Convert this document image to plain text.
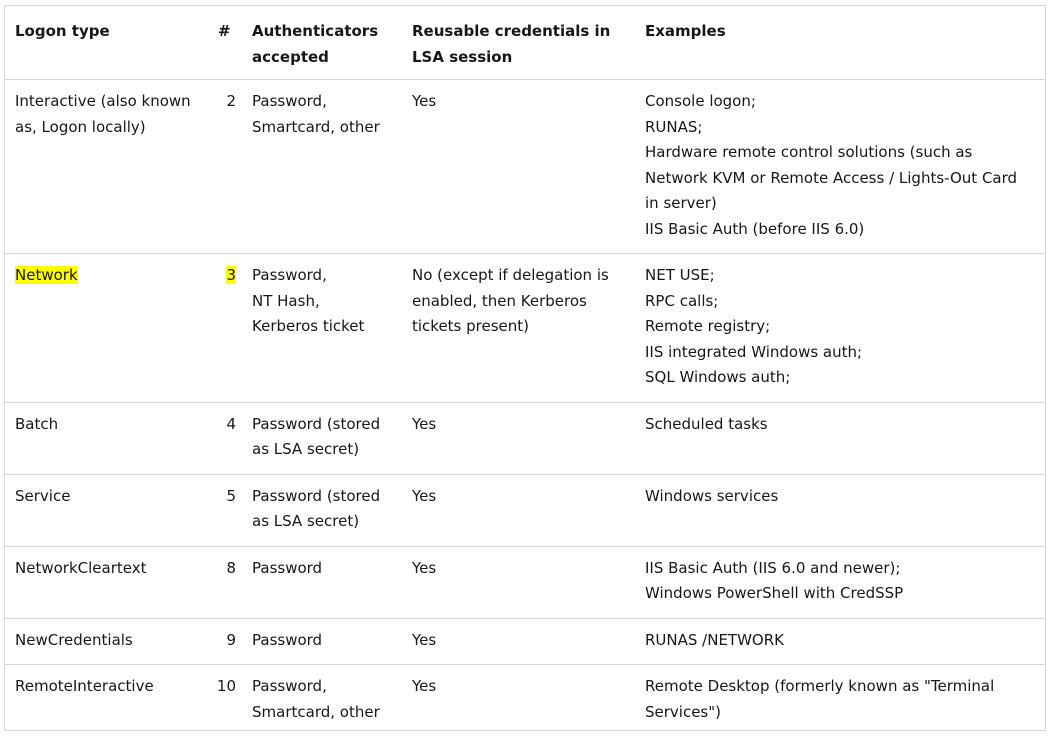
Logon type	#	Authenticators accepted	Reusable credentials in LSA session	Examples
Interactive (also known as, Logon locally)	2	Password, Smartcard, other	Yes	Console logon;
RUNAS;
Hardware remote control solutions (such as Network KVM or Remote Access / Lights-Out Card in server)
IIS Basic Auth (before IIS 6.0)

Network	3	Password,
NT Hash,
Kerberos ticket	No (except if delegation is enabled, then Kerberos tickets present)	NET USE;
RPC calls;
Remote registry;
IIS integrated Windows auth;
SQL Windows auth;

Batch	4	Password (stored as LSA secret)	Yes	Scheduled tasks

Service	5	Password (stored as LSA secret)	Yes	Windows services

NetworkCleartext	8	Password	Yes	IIS Basic Auth (IIS 6.0 and newer);
Windows PowerShell with CredSSP

NewCredentials	9	Password	Yes	RUNAS /NETWORK

RemoteInteractive	10	Password, Smartcard, other	Yes	Remote Desktop (formerly known as "Terminal Services")
